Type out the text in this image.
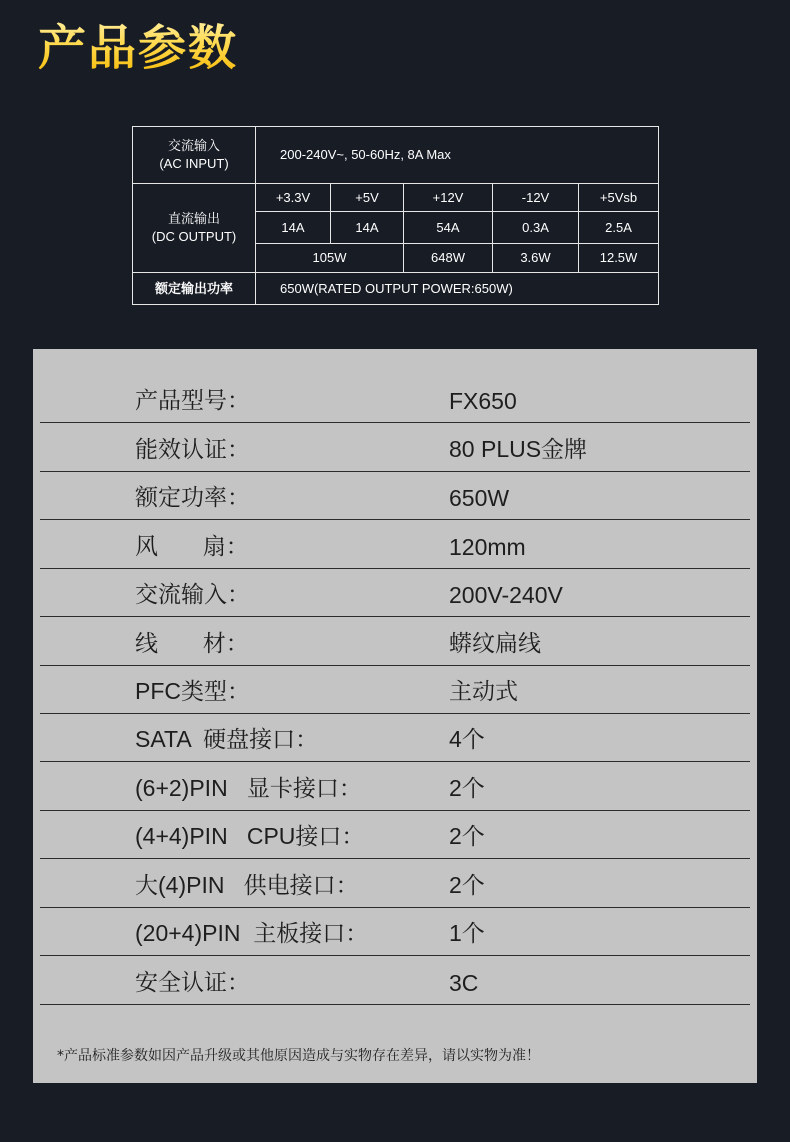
产品参数
交流输入
(AC INPUT)	200-240V~, 50-60Hz, 8A Max				

直流输出
(DC OUTPUT)	+3.3V	+5V	+12V	-12V	+5Vsb
	14A	14A	54A	0.3A	2.5A
	105W		648W	3.6W	12.5W
额定输出功率	650W(RATED OUTPUT POWER:650W)				
产品型号：	FX650
能效认证：	80 PLUS金牌
额定功率：	650W
风       扇：	120mm
交流输入：	200V-240V
线       材：	蟒纹扁线
PFC类型：	主动式
SATA  硬盘接口：	4个
(6+2)PIN   显卡接口：	2个
(4+4)PIN   CPU接口：	2个
大(4)PIN   供电接口：	2个
(20+4)PIN  主板接口：	1个
安全认证：	3C
*产品标准参数如因产品升级或其他原因造成与实物存在差异，请以实物为准！
